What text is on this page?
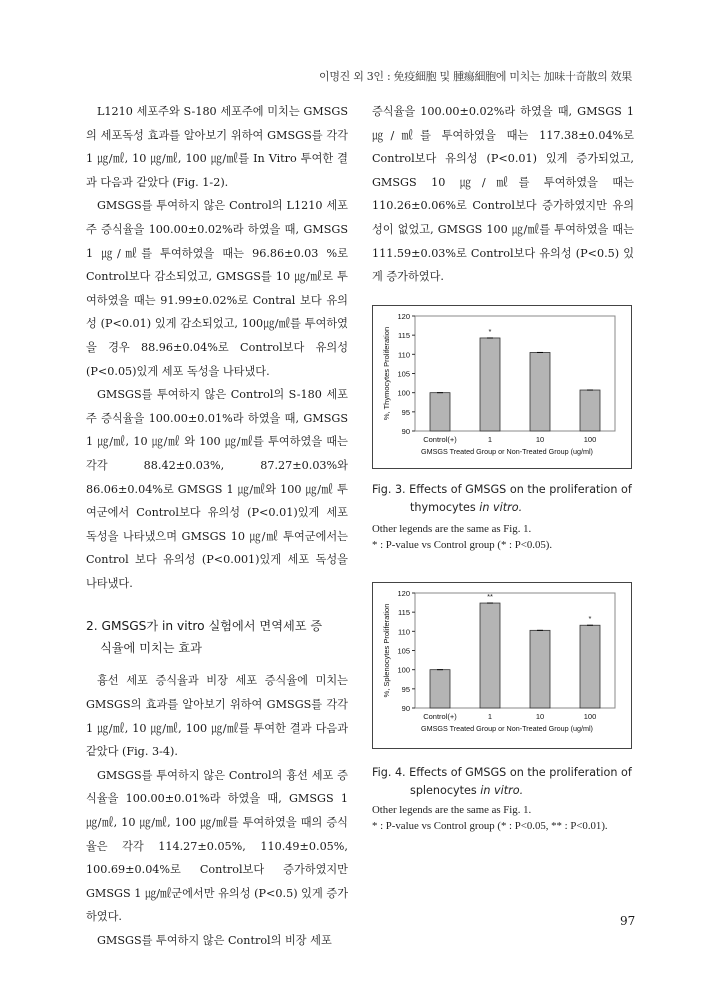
이명진 외 3인 : 免疫細胞 및 腫瘍細胞에 미치는 加味十奇散의 效果

L1210 세포주와 S-180 세포주에 미치는 GMSGS의 세포독성 효과를 알아보기 위하여 GMSGS를 각각 1 ㎍/㎖, 10 ㎍/㎖, 100 ㎍/㎖를 In Vitro 투여한 결과 다음과 같았다 (Fig. 1-2).

GMSGS를 투여하지 않은 Control의 L1210 세포주 증식율을 100.00±0.02%라 하였을 때, GMSGS 1 ㎍/㎖를 투여하였을 때는 96.86±0.03 %로 Control보다 감소되었고, GMSGS를 10 ㎍/㎖로 투여하였을 때는 91.99±0.02%로 Contral 보다 유의성 (P<0.01) 있게 감소되었고, 100㎍/㎖를 투여하였을 경우 88.96±0.04%로 Control보다 유의성 (P<0.05)있게 세포 독성을 나타냈다.

GMSGS를 투여하지 않은 Control의 S-180 세포주 증식율을 100.00±0.01%라 하였을 때, GMSGS 1 ㎍/㎖, 10 ㎍/㎖ 와 100 ㎍/㎖를 투여하였을 때는 각각 88.42±0.03%, 87.27±0.03%와 86.06±0.04%로 GMSGS 1 ㎍/㎖와 100 ㎍/㎖ 투여군에서 Control보다 유의성 (P<0.01)있게 세포 독성을 나타냈으며 GMSGS 10 ㎍/㎖ 투여군에서는 Control 보다 유의성 (P<0.001)있게 세포 독성을 나타냈다.

2. GMSGS가 in vitro 실험에서 면역세포 증
식율에 미치는 효과

흉선 세포 증식율과 비장 세포 증식율에 미치는 GMSGS의 효과를 알아보기 위하여 GMSGS를 각각 1 ㎍/㎖, 10 ㎍/㎖, 100 ㎍/㎖를 투여한 결과 다음과 같았다 (Fig. 3-4).

GMSGS를 투여하지 않은 Control의 흉선 세포 증식율을 100.00±0.01%라 하였을 때, GMSGS 1 ㎍/㎖, 10 ㎍/㎖, 100 ㎍/㎖를 투여하였을 때의 증식율은 각각 114.27±0.05%, 110.49±0.05%, 100.69±0.04%로 Control보다 증가하였지만 GMSGS 1 ㎍/㎖군에서만 유의성 (P<0.5) 있게 증가하였다.

GMSGS를 투여하지 않은 Control의 비장 세포

증식율을 100.00±0.02%라 하였을 때, GMSGS 1 ㎍/㎖를 투여하였을 때는 117.38±0.04%로 Control보다 유의성 (P<0.01) 있게 증가되었고, GMSGS 10 ㎍/㎖를 투여하였을 때는 110.26±0.06%로 Control보다 증가하였지만 유의성이 없었고, GMSGS 100 ㎍/㎖를 투여하였을 때는 111.59±0.03%로 Control보다 유의성 (P<0.5) 있게 증가하였다.

90
95
100
105
110
115
120
%, Thymocytes Proliferation
Control(+)	1
*
10	100
GMSGS Treated Group or Non-Treated Group (ug/ml)
Fig. 3. Effects of GMSGS on the proliferation of
thymocytes in vitro.
Other legends are the same as Fig. 1.
* : P-value vs Control group (* : P<0.05).
90
95
100
105
110
115
120
%, Splenocytes Proliferation
Control(+)	1
**
10	100
*
GMSGS Treated Group or Non-Treated Group (ug/ml)
Fig. 4. Effects of GMSGS on the proliferation of
splenocytes in vitro.
Other legends are the same as Fig. 1.
* : P-value vs Control group (* : P<0.05, ** : P<0.01).
97
